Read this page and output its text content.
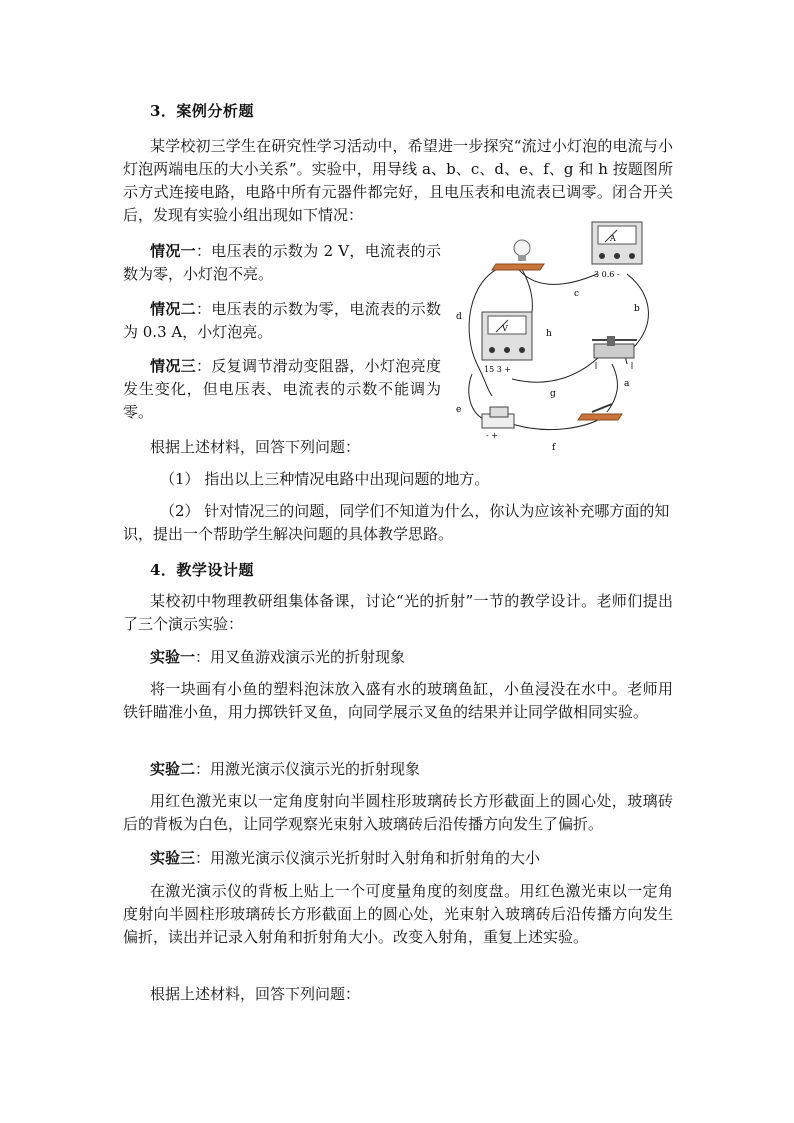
3．案例分析题

某学校初三学生在研究性学习活动中，希望进一步探究“流过小灯泡的电流与小灯泡两端电压的大小关系”。实验中，用导线 a、b、c、d、e、f、g 和 h 按题图所示方式连接电路，电路中所有元器件都完好，且电压表和电流表已调零。闭合开关后，发现有实验小组出现如下情况：

情况一：电压表的示数为 2 V，电流表的示数为零，小灯泡不亮。

情况二：电压表的示数为零，电流表的示数为 0.3 A，小灯泡亮。

情况三：反复调节滑动变阻器，小灯泡亮度发生变化，但电压表、电流表的示数不能调为零。

A
3 0.6 -
V
15 3 +
- +
a
b
c
d
e
f
g
h

根据上述材料，回答下列问题：

（1） 指出以上三种情况电路中出现问题的地方。

（2） 针对情况三的问题，同学们不知道为什么，你认为应该补充哪方面的知识，提出一个帮助学生解决问题的具体教学思路。

4．教学设计题

某校初中物理教研组集体备课，讨论“光的折射”一节的教学设计。老师们提出了三个演示实验：

实验一：用叉鱼游戏演示光的折射现象

将一块画有小鱼的塑料泡沫放入盛有水的玻璃鱼缸，小鱼浸没在水中。老师用铁钎瞄准小鱼，用力掷铁钎叉鱼，向同学展示叉鱼的结果并让同学做相同实验。

实验二：用激光演示仪演示光的折射现象

用红色激光束以一定角度射向半圆柱形玻璃砖长方形截面上的圆心处，玻璃砖后的背板为白色，让同学观察光束射入玻璃砖后沿传播方向发生了偏折。

实验三：用激光演示仪演示光折射时入射角和折射角的大小

在激光演示仪的背板上贴上一个可度量角度的刻度盘。用红色激光束以一定角度射向半圆柱形玻璃砖长方形截面上的圆心处，光束射入玻璃砖后沿传播方向发生偏折，读出并记录入射角和折射角大小。改变入射角，重复上述实验。

根据上述材料，回答下列问题：
